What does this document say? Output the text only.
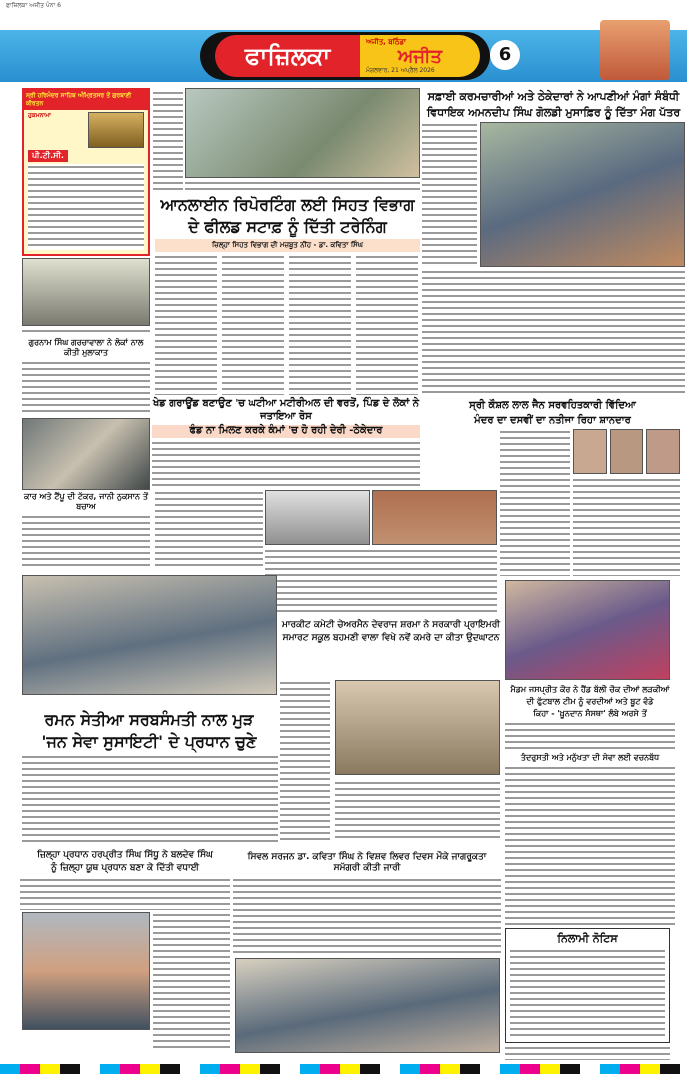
ਫਾਜ਼ਿਲਕਾ ਅਜੀਤ ਪੰਨਾ 6
ਫਾਜ਼ਿਲਕਾ
ਅਜੀਤ, ਬਠਿੰਡਾ
ਅਜੀਤ
ਮੰਗਲਵਾਰ, 21 ਅਪ੍ਰੈਲ 2026
6
ਸ੍ਰੀ ਹਰਿਮੰਦਰ ਸਾਹਿਬ ਅੰਮ੍ਰਿਤਸਰ ਤੋਂ ਗੁਰਬਾਣੀ ਕੀਰਤਨ
ਹੁਕਮਨਾਮਾ
ਪੀ.ਟੀ.ਸੀ.
ਆਨਲਾਈਨ ਰਿਪੋਰਟਿੰਗ ਲਈ ਸਿਹਤ ਵਿਭਾਗ
ਦੇ ਫੀਲਡ ਸਟਾਫ਼ ਨੂੰ ਦਿੱਤੀ ਟਰੇਨਿੰਗ
ਜ਼ਿਲ੍ਹਾ ਸਿਹਤ ਵਿਭਾਗ ਦੀ ਮਜ਼ਬੂਤ ਨੀਂਹ - ਡਾ. ਕਵਿਤਾ ਸਿੰਘ
ਸਫ਼ਾਈ ਕਰਮਚਾਰੀਆਂ ਅਤੇ ਠੇਕੇਦਾਰਾਂ ਨੇ ਆਪਣੀਆਂ ਮੰਗਾਂ ਸੰਬੰਧੀ
ਵਿਧਾਇਕ ਅਮਨਦੀਪ ਸਿੰਘ ਗੋਲਡੀ ਮੁਸਾਫ਼ਿਰ ਨੂੰ ਦਿੱਤਾ ਮੰਗ ਪੱਤਰ
ਗੁਰਨਾਮ ਸਿੰਘ ਗਰਚਾਵਾਲਾ ਨੇ ਲੋਕਾਂ ਨਾਲ ਕੀਤੀ ਮੁਲਾਕਾਤ
ਕਾਰ ਅਤੇ ਟੈਂਪੂ ਦੀ ਟੱਕਰ, ਜਾਨੀ ਨੁਕਸਾਨ ਤੋਂ ਬਚਾਅ
ਖੇਡ ਗਰਾਊਂਡ ਬਣਾਉਣ 'ਚ ਘਟੀਆ ਮਟੀਰੀਅਲ ਦੀ ਵਰਤੋਂ, ਪਿੰਡ ਦੇ ਲੋਕਾਂ ਨੇ ਜਤਾਇਆ ਰੋਸ
ਫੰਡ ਨਾ ਮਿਲਣ ਕਰਕੇ ਕੰਮਾਂ 'ਚ ਹੋ ਰਹੀ ਦੇਰੀ -ਠੇਕੇਦਾਰ
ਸ੍ਰੀ ਕੌਸ਼ਲ ਲਾਲ ਜੈਨ ਸਰਵਹਿਤਕਾਰੀ ਵਿੱਦਿਆ
ਮੰਦਰ ਦਾ ਦਸਵੀਂ ਦਾ ਨਤੀਜਾ ਰਿਹਾ ਸ਼ਾਨਦਾਰ
ਮਾਰਕੀਟ ਕਮੇਟੀ ਚੇਅਰਮੈਨ ਦੇਵਰਾਜ ਸ਼ਰਮਾ ਨੇ ਸਰਕਾਰੀ ਪ੍ਰਾਇਮਰੀ
ਸਮਾਰਟ ਸਕੂਲ ਬਹਮਣੀ ਵਾਲਾ ਵਿਖੇ ਨਵੇਂ ਕਮਰੇ ਦਾ ਕੀਤਾ ਉਦਘਾਟਨ
ਰਮਨ ਸੇਤੀਆ ਸਰਬਸੰਮਤੀ ਨਾਲ ਮੁੜ
'ਜਨ ਸੇਵਾ ਸੁਸਾਇਟੀ' ਦੇ ਪ੍ਰਧਾਨ ਚੁਣੇ
ਮੈਡਮ ਜਸਪ੍ਰੀਤ ਕੌਰ ਨੇ ਹੈਂਡ ਬੱਲੀ ਚੌਕ ਦੀਆਂ ਲੜਕੀਆਂ
ਦੀ ਫੁੱਟਬਾਲ ਟੀਮ ਨੂੰ ਵਰਦੀਆਂ ਅਤੇ ਬੂਟ ਵੰਡੇ
ਕਿਹਾ - 'ਖ਼ੂਨਦਾਨ ਸੰਸਥਾ' ਲੰਬੇ ਅਰਸੇ ਤੋਂ
ਤੰਦਰੁਸਤੀ ਅਤੇ ਮਨੁੱਖਤਾ ਦੀ ਸੇਵਾ ਲਈ ਵਚਨਬੱਧ
ਜ਼ਿਲ੍ਹਾ ਪ੍ਰਧਾਨ ਹਰਪ੍ਰੀਤ ਸਿੰਘ ਸਿੱਧੂ ਨੇ ਬਲਦੇਵ ਸਿੰਘ
ਨੂੰ ਜ਼ਿਲ੍ਹਾ ਯੂਥ ਪ੍ਰਧਾਨ ਬਣਾ ਕੇ ਦਿੱਤੀ ਵਧਾਈ
ਸਿਵਲ ਸਰਜਨ ਡਾ. ਕਵਿਤਾ ਸਿੰਘ ਨੇ ਵਿਸ਼ਵ ਲਿਵਰ ਦਿਵਸ ਮੌਕੇ ਜਾਗਰੂਕਤਾ ਸਮੱਗਰੀ ਕੀਤੀ ਜਾਰੀ
ਨਿਲਾਮੀ ਨੋਟਿਸ
